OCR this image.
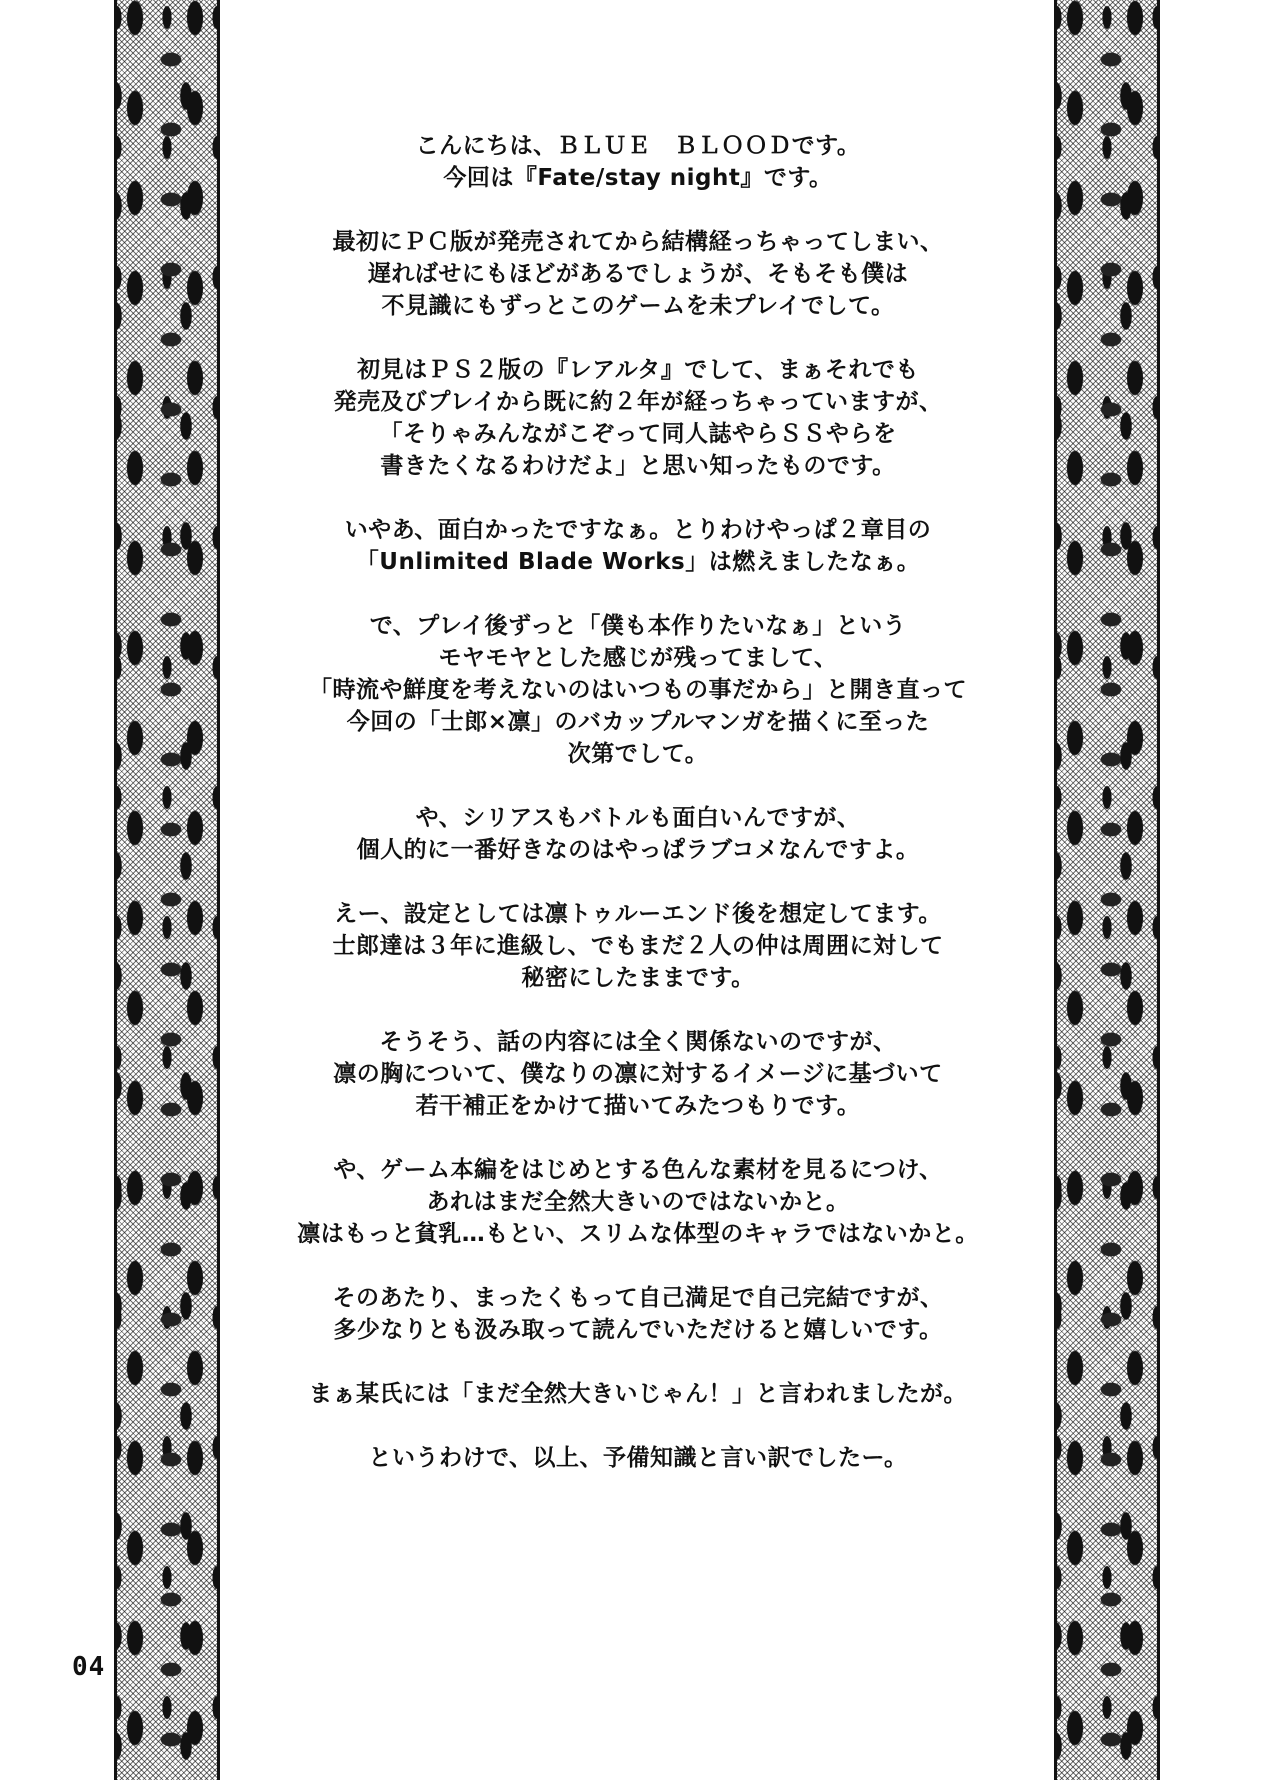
こんにちは、ＢＬＵＥ　ＢＬＯＯＤです。
今回は『Fate/stay night』です。
最初にＰＣ版が発売されてから結構経っちゃってしまい、
遅ればせにもほどがあるでしょうが、そもそも僕は
不見識にもずっとこのゲームを未プレイでして。
初見はＰＳ２版の『レアルタ』でして、まぁそれでも
発売及びプレイから既に約２年が経っちゃっていますが、
「そりゃみんながこぞって同人誌やらＳＳやらを
書きたくなるわけだよ」と思い知ったものです。
いやあ、面白かったですなぁ。とりわけやっぱ２章目の
「Unlimited Blade Works」は燃えましたなぁ。
で、プレイ後ずっと「僕も本作りたいなぁ」という
モヤモヤとした感じが残ってまして、
「時流や鮮度を考えないのはいつもの事だから」と開き直って
今回の「士郎×凛」のバカップルマンガを描くに至った
次第でして。
や、シリアスもバトルも面白いんですが、
個人的に一番好きなのはやっぱラブコメなんですよ。
えー、設定としては凛トゥルーエンド後を想定してます。
士郎達は３年に進級し、でもまだ２人の仲は周囲に対して
秘密にしたままです。
そうそう、話の内容には全く関係ないのですが、
凛の胸について、僕なりの凛に対するイメージに基づいて
若干補正をかけて描いてみたつもりです。
や、ゲーム本編をはじめとする色んな素材を見るにつけ、
あれはまだ全然大きいのではないかと。
凛はもっと貧乳…もとい、スリムな体型のキャラではないかと。
そのあたり、まったくもって自己満足で自己完結ですが、
多少なりとも汲み取って読んでいただけると嬉しいです。
まぁ某氏には「まだ全然大きいじゃん！」と言われましたが。
というわけで、以上、予備知識と言い訳でしたー。
04
